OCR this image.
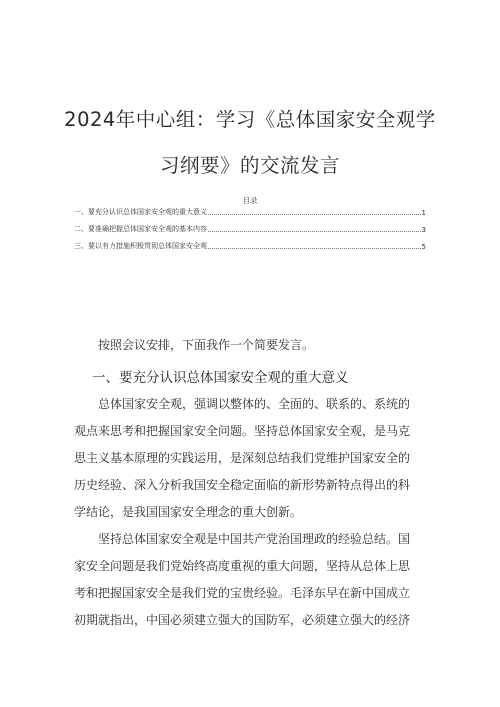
2024年中心组：学习《总体国家安全观学
习纲要》的交流发言
目录
一、要充分认识总体国家安全观的重大意义	1
二、要准确把握总体国家安全观的基本内容	3
三、要以有力措施积极贯彻总体国家安全观	5
按照会议安排，下面我作一个简要发言。
一、要充分认识总体国家安全观的重大意义
总体国家安全观，强调以整体的、全面的、联系的、系统的
观点来思考和把握国家安全问题。坚持总体国家安全观，是马克
思主义基本原理的实践运用，是深刻总结我们党维护国家安全的
历史经验、深入分析我国安全稳定面临的新形势新特点得出的科
学结论，是我国国家安全理念的重大创新。
坚持总体国家安全观是中国共产党治国理政的经验总结。国
家安全问题是我们党始终高度重视的重大问题，坚持从总体上思
考和把握国家安全是我们党的宝贵经验。毛泽东早在新中国成立
初期就指出，中国必须建立强大的国防军，必须建立强大的经济
